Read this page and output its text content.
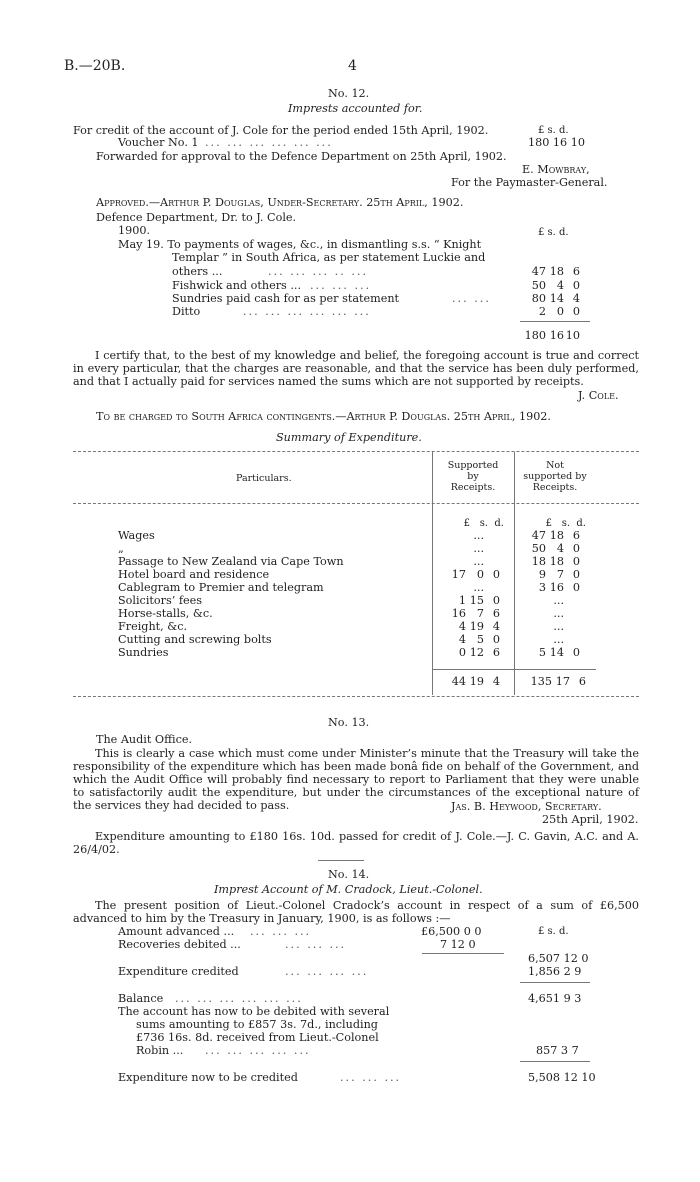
B.—20B.	4
No. 12.
Imprests accounted for.
For credit of the account of J. Cole for the period ended 15th April, 1902.	£ s. d.
Voucher No. 1 ... ... ... ... ... ...	180 16 10
Forwarded for approval to the Defence Department on 25th April, 1902.
E. Mowbray,
For the Paymaster-General.
Approved.—Arthur P. Douglas, Under-Secretary. 25th April, 1902.
Defence Department, Dr. to J. Cole.
1900.	£ s. d.
May 19. To payments of wages, &c., in dismantling s.s. “ Knight
Templar ” in South Africa, as per statement Luckie and
others ...	... ... ... .. ...	47 18 6
Fishwick and others ... ... ... ...	50 4 0
Sundries paid cash for as per statement	... ...	80 14 4
Ditto	... ... ... ... ... ...	2 0 0
180 16 10
I certify that, to the best of my knowledge and belief, the foregoing account is true and correct in every particular, that the charges are reasonable, and that the service has been duly performed, and that I actually paid for services named the sums which are not supported by receipts.
J. Cole.
To be charged to South Africa contingents.—Arthur P. Douglas. 25th April, 1902.
Summary of Expenditure.
Particulars.
Supported
by
Receipts.
Not
supported by
Receipts.
£ s. d.	£ s. d.
Wages	...	47 18 6
„	...	50 4 0
Passage to New Zealand via Cape Town	...	18 18 0
Hotel board and residence	17 0 0	9 7 0
Cablegram to Premier and telegram	...	3 16 0
Solicitors’ fees	1 15 0	...
Horse-stalls, &c.	16 7 6	...
Freight, &c.	4 19 4	...
Cutting and screwing bolts	4 5 0	...
Sundries	0 12 6	5 14 0
44 19 4	135 17 6
No. 13.
The Audit Office.
This is clearly a case which must come under Minister’s minute that the Treasury will take the responsibility of the expenditure which has been made bonâ fide on behalf of the Government, and which the Audit Office will probably find necessary to report to Parliament that they were unable to satisfactorily audit the expenditure, but under the circumstances of the exceptional nature of the services they had decided to pass.	Jas. B. Heywood, Secretary.
25th April, 1902.
Expenditure amounting to £180 16s. 10d. passed for credit of J. Cole.—J. C. Gavin, A.C. and A. 26/4/02.
No. 14.
Imprest Account of M. Cradock, Lieut.-Colonel.
The present position of Lieut.-Colonel Cradock’s account in respect of a sum of £6,500 advanced to him by the Treasury in January, 1900, is as follows :—
£ s. d.
Amount advanced ... ... ... ...	£6,500 0 0
Recoveries debited ...	... ... ...	7 12 0
6,507 12 0
Expenditure credited	... ... ... ...	1,856 2 9
Balance ... ... ... ... ... ...	4,651 9 3
The account has now to be debited with several
sums amounting to £857 3s. 7d., including
£736 16s. 8d. received from Lieut.-Colonel
Robin ... ... ... ... ... ...	857 3 7
Expenditure now to be credited	... ... ...	5,508 12 10
